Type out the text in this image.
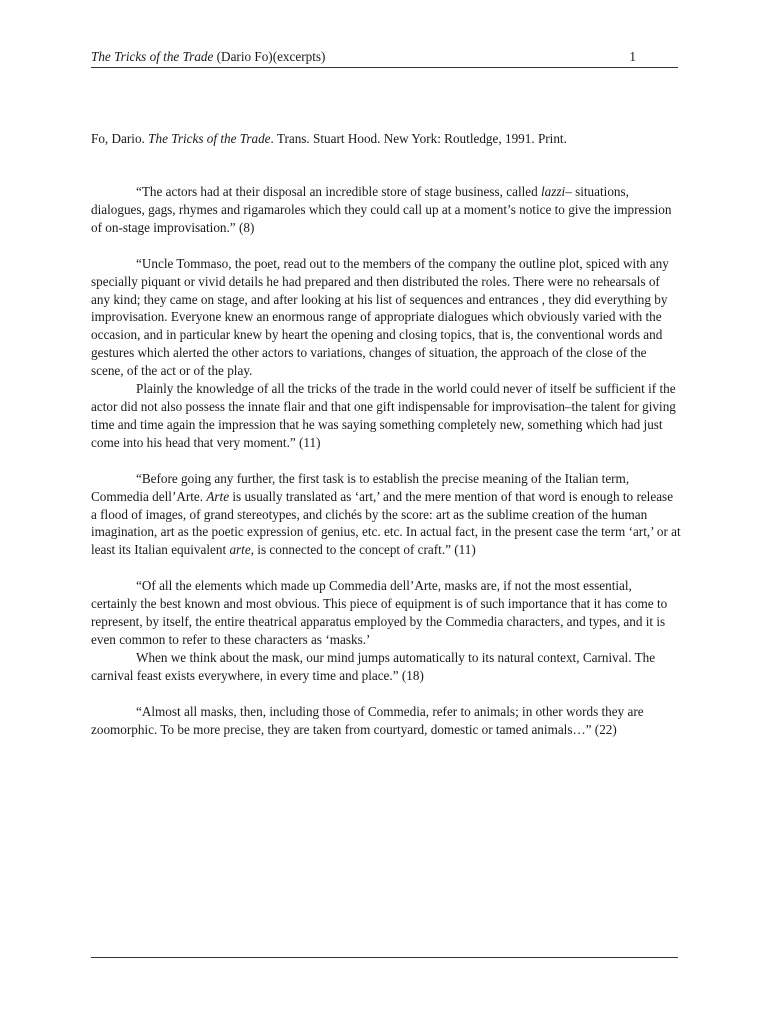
The Tricks of the Trade (Dario Fo)(excerpts)	1
Fo, Dario. The Tricks of the Trade. Trans. Stuart Hood. New York: Routledge, 1991. Print.

“The actors had at their disposal an incredible store of stage business, called lazzi– situations, dialogues, gags, rhymes and rigamaroles which they could call up at a moment’s notice to give the impression of on-stage improvisation.” (8)

“Uncle Tommaso, the poet, read out to the members of the company the outline plot, spiced with any specially piquant or vivid details he had prepared and then distributed the roles. There were no rehearsals of any kind; they came on stage, and after looking at his list of sequences and entrances , they did everything by improvisation. Everyone knew an enormous range of appropriate dialogues which obviously varied with the occasion, and in particular knew by heart the opening and closing topics, that is, the conventional words and gestures which alerted the other actors to variations, changes of situation, the approach of the close of the scene, of the act or of the play.

Plainly the knowledge of all the tricks of the trade in the world could never of itself be sufficient if the actor did not also possess the innate flair and that one gift indispensable for improvisation–the talent for giving time and time again the impression that he was saying something completely new, something which had just come into his head that very moment.” (11)

“Before going any further, the first task is to establish the precise meaning of the Italian term, Commedia dell’Arte. Arte is usually translated as ‘art,’ and the mere mention of that word is enough to release a flood of images, of grand stereotypes, and clichés by the score: art as the sublime creation of the human imagination, art as the poetic expression of genius, etc. etc. In actual fact, in the present case the term ‘art,’ or at least its Italian equivalent arte, is connected to the concept of craft.” (11)

“Of all the elements which made up Commedia dell’Arte, masks are, if not the most essential, certainly the best known and most obvious. This piece of equipment is of such importance that it has come to represent, by itself, the entire theatrical apparatus employed by the Commedia characters, and types, and it is even common to refer to these characters as ‘masks.’

When we think about the mask, our mind jumps automatically to its natural context, Carnival. The carnival feast exists everywhere, in every time and place.” (18)

“Almost all masks, then, including those of Commedia, refer to animals; in other words they are zoomorphic. To be more precise, they are taken from courtyard, domestic or tamed animals…” (22)
